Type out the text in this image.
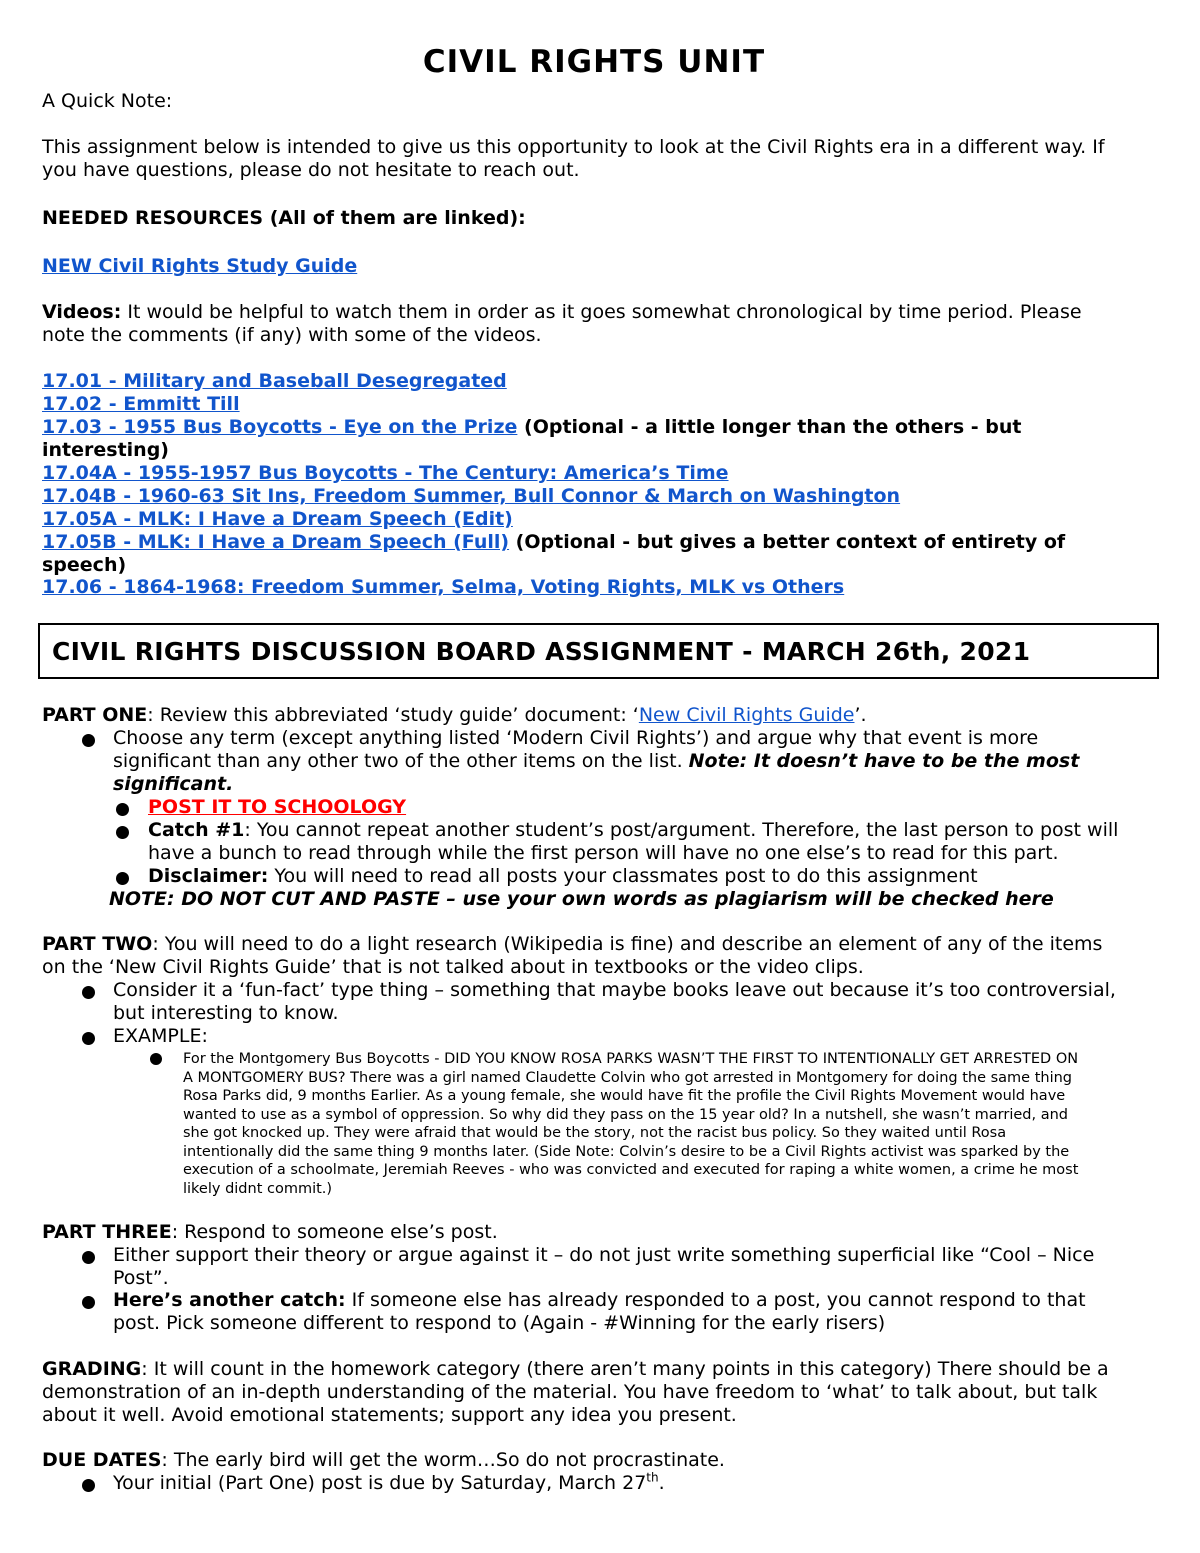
CIVIL RIGHTS UNIT
A Quick Note:
This assignment below is intended to give us this opportunity to look at the Civil Rights era in a different way. If
you have questions, please do not hesitate to reach out.
NEEDED RESOURCES (All of them are linked):
NEW Civil Rights Study Guide
Videos: It would be helpful to watch them in order as it goes somewhat chronological by time period. Please
note the comments (if any) with some of the videos.
17.01 - Military and Baseball Desegregated
17.02 - Emmitt Till
17.03 - 1955 Bus Boycotts - Eye on the Prize (Optional - a little longer than the others - but
interesting)
17.04A - 1955-1957 Bus Boycotts - The Century: America’s Time
17.04B - 1960-63 Sit Ins, Freedom Summer, Bull Connor & March on Washington
17.05A - MLK: I Have a Dream Speech (Edit)
17.05B - MLK: I Have a Dream Speech (Full) (Optional - but gives a better context of entirety of
speech)
17.06 - 1864-1968: Freedom Summer, Selma, Voting Rights, MLK vs Others
CIVIL RIGHTS DISCUSSION BOARD ASSIGNMENT - MARCH 26th, 2021
PART ONE: Review this abbreviated ‘study guide’ document: ‘New Civil Rights Guide’.
Choose any term (except anything listed ‘Modern Civil Rights’) and argue why that event is more
significant than any other two of the other items on the list. Note: It doesn’t have to be the most
significant.
POST IT TO SCHOOLOGY
Catch #1: You cannot repeat another student’s post/argument. Therefore, the last person to post will
have a bunch to read through while the first person will have no one else’s to read for this part.
Disclaimer: You will need to read all posts your classmates post to do this assignment
NOTE: DO NOT CUT AND PASTE – use your own words as plagiarism will be checked here
PART TWO: You will need to do a light research (Wikipedia is fine) and describe an element of any of the items
on the ‘New Civil Rights Guide’ that is not talked about in textbooks or the video clips.
Consider it a ‘fun-fact’ type thing – something that maybe books leave out because it’s too controversial,
but interesting to know.
EXAMPLE:
For the Montgomery Bus Boycotts - DID YOU KNOW ROSA PARKS WASN’T THE FIRST TO INTENTIONALLY GET ARRESTED ON
A MONTGOMERY BUS? There was a girl named Claudette Colvin who got arrested in Montgomery for doing the same thing
Rosa Parks did, 9 months Earlier. As a young female, she would have fit the profile the Civil Rights Movement would have
wanted to use as a symbol of oppression. So why did they pass on the 15 year old? In a nutshell, she wasn’t married, and
she got knocked up. They were afraid that would be the story, not the racist bus policy. So they waited until Rosa
intentionally did the same thing 9 months later. (Side Note: Colvin’s desire to be a Civil Rights activist was sparked by the
execution of a schoolmate, Jeremiah Reeves - who was convicted and executed for raping a white women, a crime he most
likely didnt commit.)
PART THREE: Respond to someone else’s post.
Either support their theory or argue against it – do not just write something superficial like “Cool – Nice
Post”.
Here’s another catch: If someone else has already responded to a post, you cannot respond to that
post. Pick someone different to respond to (Again - #Winning for the early risers)
GRADING: It will count in the homework category (there aren’t many points in this category) There should be a
demonstration of an in-depth understanding of the material. You have freedom to ‘what’ to talk about, but talk
about it well. Avoid emotional statements; support any idea you present.
DUE DATES: The early bird will get the worm…So do not procrastinate.
Your initial (Part One) post is due by Saturday, March 27th.
